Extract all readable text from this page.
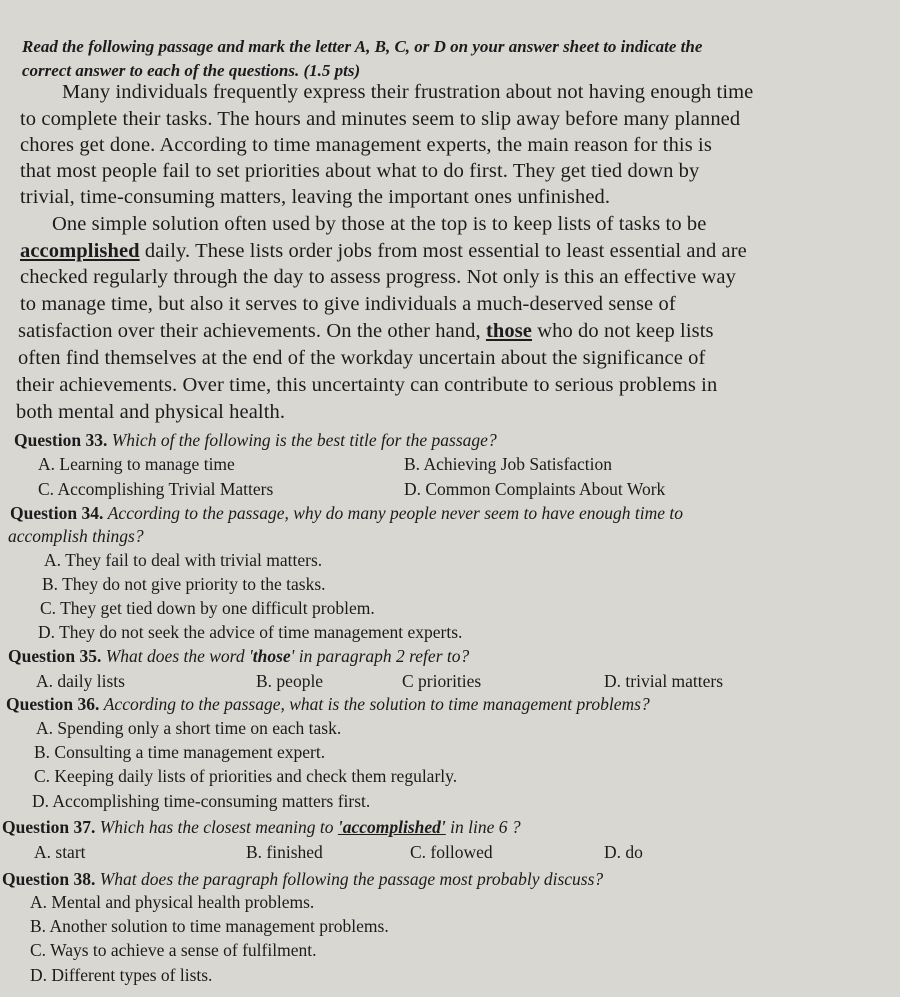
Read the following passage and mark the letter A, B, C, or D on your answer sheet to indicate the
correct answer to each of the questions. (1.5 pts)
Many individuals frequently express their frustration about not having enough time
to complete their tasks. The hours and minutes seem to slip away before many planned
chores get done. According to time management experts, the main reason for this is
that most people fail to set priorities about what to do first. They get tied down by
trivial, time-consuming matters, leaving the important ones unfinished.
One simple solution often used by those at the top is to keep lists of tasks to be
accomplished daily. These lists order jobs from most essential to least essential and are
checked regularly through the day to assess progress. Not only is this an effective way
to manage time, but also it serves to give individuals a much-deserved sense of
satisfaction over their achievements. On the other hand, those who do not keep lists
often find themselves at the end of the workday uncertain about the significance of
their achievements. Over time, this uncertainty can contribute to serious problems in
both mental and physical health.
Question 33. Which of the following is the best title for the passage?
A. Learning to manage time	B. Achieving Job Satisfaction
C. Accomplishing Trivial Matters	D. Common Complaints About Work
Question 34. According to the passage, why do many people never seem to have enough time to
accomplish things?
A. They fail to deal with trivial matters.
B. They do not give priority to the tasks.
C. They get tied down by one difficult problem.
D. They do not seek the advice of time management experts.
Question 35. What does the word 'those' in paragraph 2 refer to?
A. daily lists	B. people	C priorities	D. trivial matters
Question 36. According to the passage, what is the solution to time management problems?
A. Spending only a short time on each task.
B. Consulting a time management expert.
C. Keeping daily lists of priorities and check them regularly.
D. Accomplishing time-consuming matters first.
Question 37. Which has the closest meaning to 'accomplished' in line 6 ?
A. start	B. finished	C. followed	D. do
Question 38. What does the paragraph following the passage most probably discuss?
A. Mental and physical health problems.
B. Another solution to time management problems.
C. Ways to achieve a sense of fulfilment.
D. Different types of lists.
